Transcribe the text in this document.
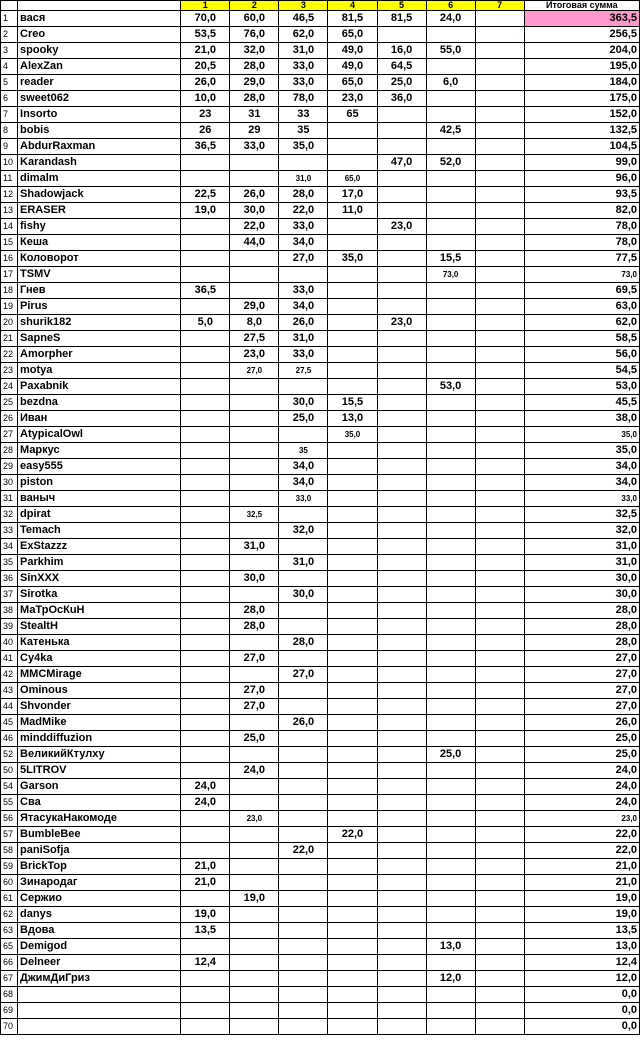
		1	2	3	4	5	6	7	Итоговая сумма
1	вася	70,0	60,0	46,5	81,5	81,5	24,0		363,5
2	Creo	53,5	76,0	62,0	65,0				256,5
3	spooky	21,0	32,0	31,0	49,0	16,0	55,0		204,0
4	AlexZan	20,5	28,0	33,0	49,0	64,5			195,0
5	reader	26,0	29,0	33,0	65,0	25,0	6,0		184,0
6	sweet062	10,0	28,0	78,0	23,0	36,0			175,0
7	Insorto	23	31	33	65				152,0
8	bobis	26	29	35			42,5		132,5
9	AbdurRaxman	36,5	33,0	35,0					104,5
10	Karandash					47,0	52,0		99,0
11	dimalm			31,0	65,0				96,0
12	Shadowjack	22,5	26,0	28,0	17,0				93,5
13	ERASER	19,0	30,0	22,0	11,0				82,0
14	fishy		22,0	33,0		23,0			78,0
15	Кеша		44,0	34,0					78,0
16	Коловорот			27,0	35,0		15,5		77,5
17	TSMV						73,0		73,0
18	Гнев	36,5		33,0					69,5
19	Pirus		29,0	34,0					63,0
20	shurik182	5,0	8,0	26,0		23,0			62,0
21	SapneS		27,5	31,0					58,5
22	Amorpher		23,0	33,0					56,0
23	motya		27,0	27,5					54,5
24	Paxabnik						53,0		53,0
25	bezdna			30,0	15,5				45,5
26	Иван			25,0	13,0				38,0
27	AtypicalOwl				35,0				35,0
28	Маркус			35					35,0
29	easy555			34,0					34,0
30	piston			34,0					34,0
31	ваныч			33,0					33,0
32	dpirat		32,5						32,5
33	Temach			32,0					32,0
34	ExStazzz		31,0						31,0
35	Parkhim			31,0					31,0
36	SinXXX		30,0						30,0
37	Sirotka			30,0					30,0
38	МаТрОсКuН		28,0						28,0
39	StealtH		28,0						28,0
40	Катенька			28,0					28,0
41	Cy4ka		27,0						27,0
42	MMCMirage			27,0					27,0
43	Ominous		27,0						27,0
44	Shvonder		27,0						27,0
45	MadMike			26,0					26,0
46	minddiffuzion		25,0						25,0
52	ВеликийКтулху						25,0		25,0
50	5LITROV		24,0						24,0
54	Garson	24,0							24,0
55	Сва	24,0							24,0
56	ЯтасукаНакомоде		23,0						23,0
57	BumbleBee				22,0				22,0
58	paniSofja			22,0					22,0
59	BrickTop	21,0							21,0
60	Зинародаг	21,0							21,0
61	Сержио		19,0						19,0
62	danys	19,0							19,0
63	Вдова	13,5							13,5
65	Demigod						13,0		13,0
66	Delneer	12,4							12,4
67	ДжимДиГриз						12,0		12,0
68									0,0
69									0,0
70									0,0
